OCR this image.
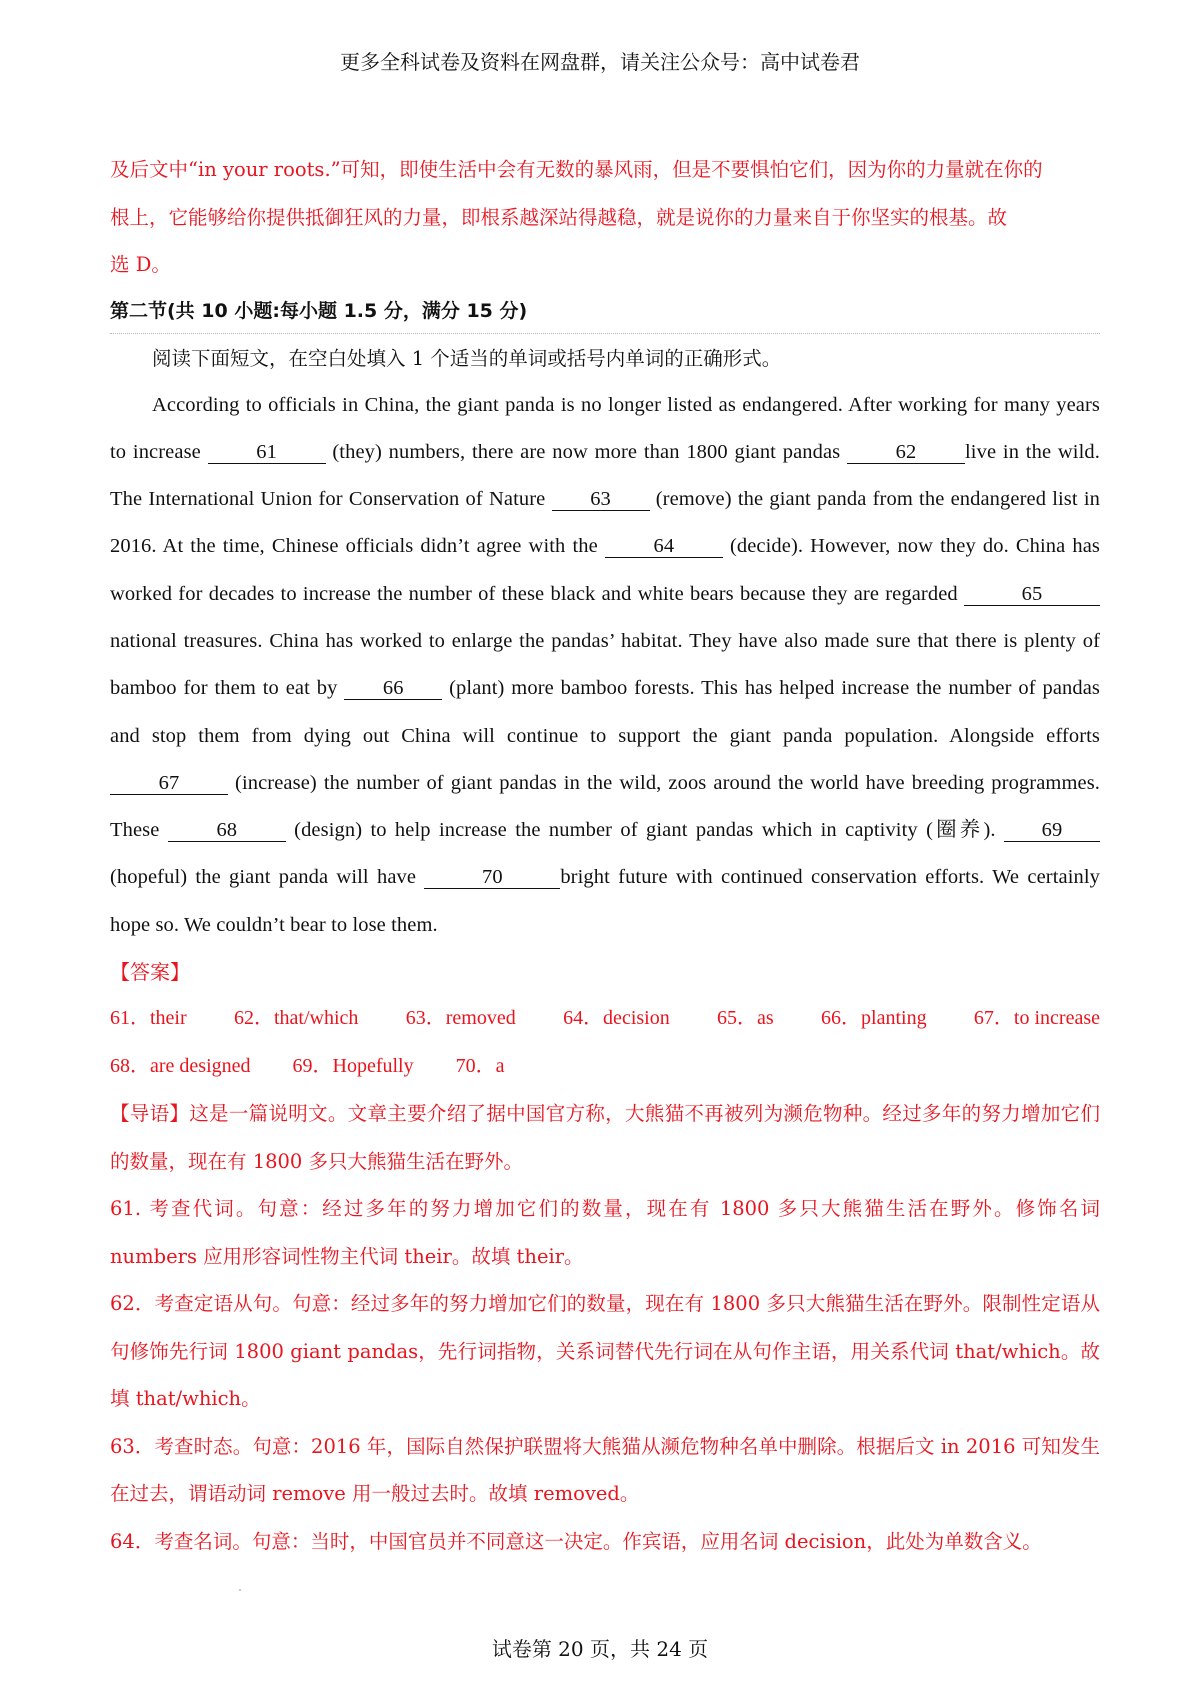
更多全科试卷及资料在网盘群，请关注公众号：高中试卷君

及后文中“in your roots.”可知，即使生活中会有无数的暴风雨，但是不要惧怕它们，因为你的力量就在你的

根上，它能够给你提供抵御狂风的力量，即根系越深站得越稳，就是说你的力量来自于你坚实的根基。故

选 D。

第二节(共 10 小题:每小题 1.5 分，满分 15 分)

阅读下面短文，在空白处填入 1 个适当的单词或括号内单词的正确形式。

According to officials in China, the giant panda is no longer listed as endangered. After working for many years to increase	61	(they) numbers, there are now more than 1800 giant pandas	62 live in the wild. The International Union for Conservation of Nature 63 (remove) the giant panda from the endangered list in 2016. At the time, Chinese officials didn’t agree with the	64	(decide). However, now they do. China has worked for decades to increase the number of these black and white bears because they are regarded	65 national treasures. China has worked to enlarge the pandas’ habitat. They have also made sure that there is plenty of bamboo for them to eat by 66 (plant) more bamboo forests. This has helped increase the number of pandas and stop them from dying out China will continue to support the giant panda population. Alongside efforts 67	(increase) the number of giant pandas in the wild, zoos around the world have breeding programmes. These	68	(design) to help increase the number of giant pandas which in captivity (圈养). 69 (hopeful) the giant panda will have	70	bright future with continued conservation efforts. We certainly hope so. We couldn’t bear to lose them.

【答案】

61．their 62．that/which 63．removed 64．decision 65．as 66．planting 67．to increase
68．are designed 69．Hopefully 70．a

【导语】这是一篇说明文。文章主要介绍了据中国官方称，大熊猫不再被列为濒危物种。经过多年的努力增加它们的数量，现在有 1800 多只大熊猫生活在野外。

61. 考查代词。句意：经过多年的努力增加它们的数量，现在有 1800 多只大熊猫生活在野外。修饰名词 numbers 应用形容词性物主代词 their。故填 their。

62．考查定语从句。句意：经过多年的努力增加它们的数量，现在有 1800 多只大熊猫生活在野外。限制性定语从句修饰先行词 1800 giant pandas，先行词指物，关系词替代先行词在从句作主语，用关系代词 that/which。故填 that/which。

63．考查时态。句意：2016 年，国际自然保护联盟将大熊猫从濒危物种名单中删除。根据后文 in 2016 可知发生在过去，谓语动词 remove 用一般过去时。故填 removed。

64．考查名词。句意：当时，中国官员并不同意这一决定。作宾语，应用名词 decision，此处为单数含义。

试卷第 20 页，共 24 页
